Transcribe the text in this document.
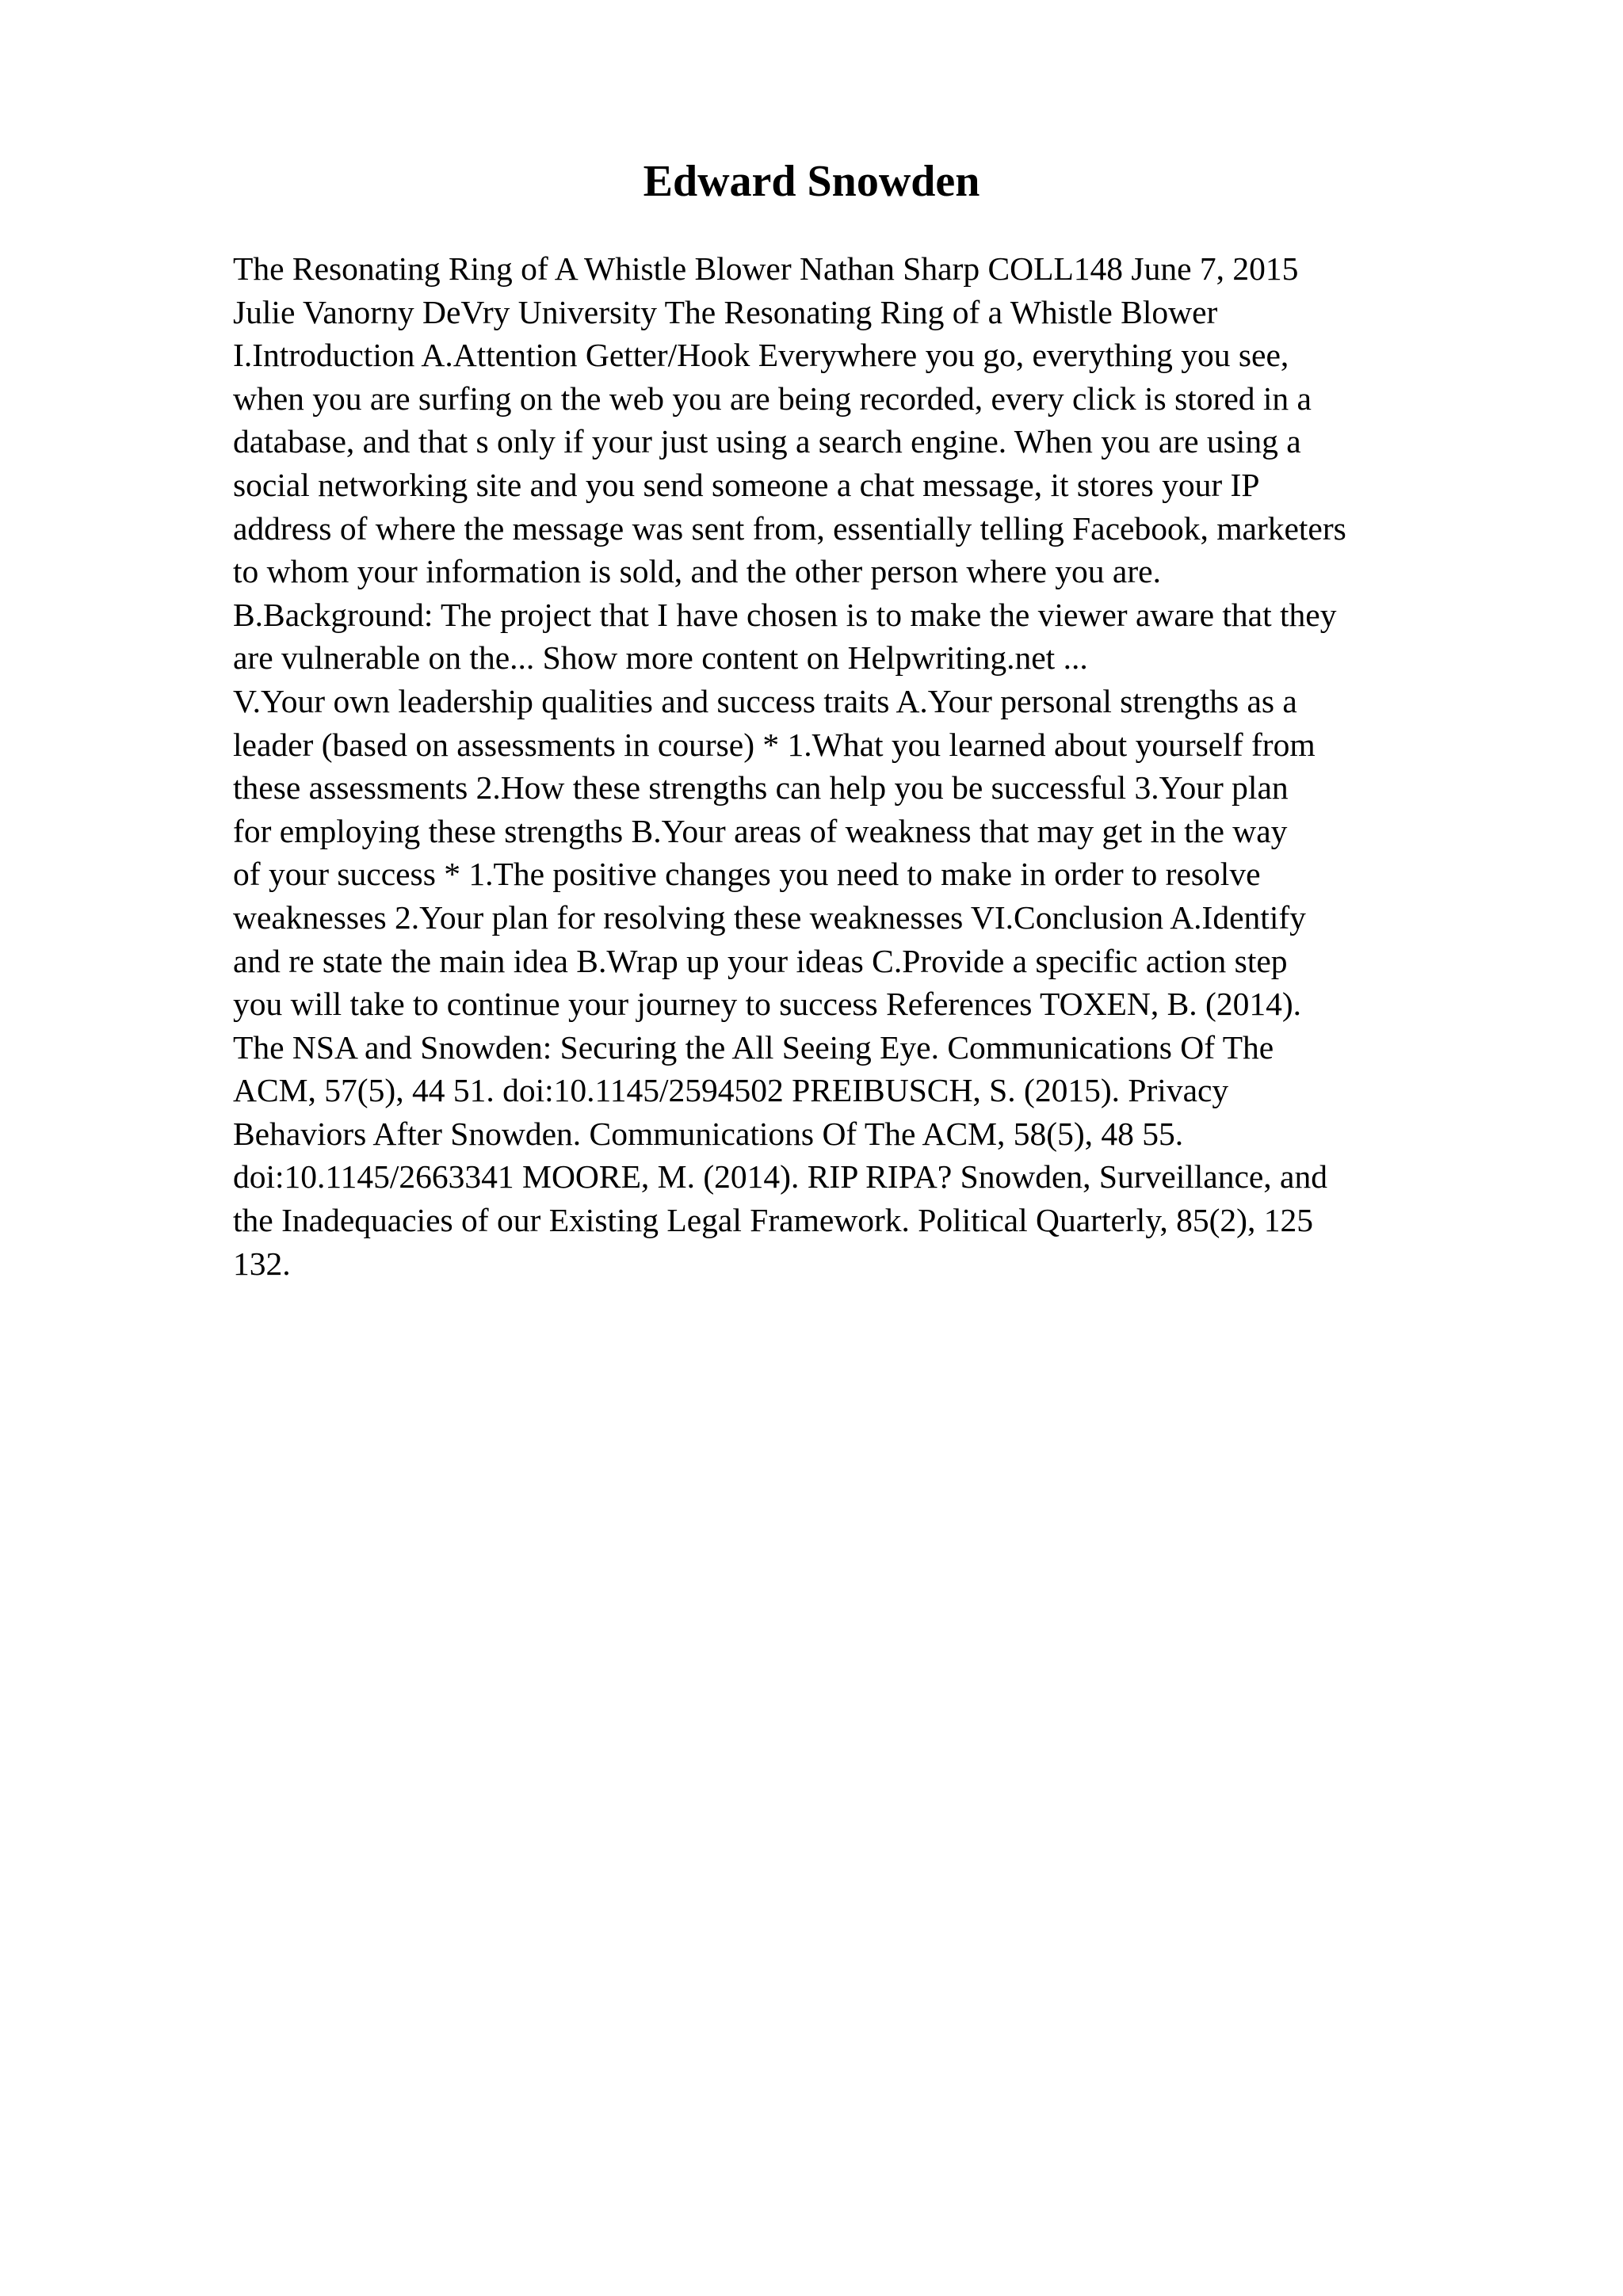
Edward Snowden
The Resonating Ring of A Whistle Blower Nathan Sharp COLL148 June 7, 2015
Julie Vanorny DeVry University The Resonating Ring of a Whistle Blower
I.Introduction A.Attention Getter/Hook Everywhere you go, everything you see,
when you are surfing on the web you are being recorded, every click is stored in a
database, and that s only if your just using a search engine. When you are using a
social networking site and you send someone a chat message, it stores your IP
address of where the message was sent from, essentially telling Facebook, marketers
to whom your information is sold, and the other person where you are.
B.Background: The project that I have chosen is to make the viewer aware that they
are vulnerable on the... Show more content on Helpwriting.net ...
V.Your own leadership qualities and success traits A.Your personal strengths as a
leader (based on assessments in course) * 1.What you learned about yourself from
these assessments 2.How these strengths can help you be successful 3.Your plan
for employing these strengths B.Your areas of weakness that may get in the way
of your success * 1.The positive changes you need to make in order to resolve
weaknesses 2.Your plan for resolving these weaknesses VI.Conclusion A.Identify
and re state the main idea B.Wrap up your ideas C.Provide a specific action step
you will take to continue your journey to success References TOXEN, B. (2014).
The NSA and Snowden: Securing the All Seeing Eye. Communications Of The
ACM, 57(5), 44 51. doi:10.1145/2594502 PREIBUSCH, S. (2015). Privacy
Behaviors After Snowden. Communications Of The ACM, 58(5), 48 55.
doi:10.1145/2663341 MOORE, M. (2014). RIP RIPA? Snowden, Surveillance, and
the Inadequacies of our Existing Legal Framework. Political Quarterly, 85(2), 125
132.
